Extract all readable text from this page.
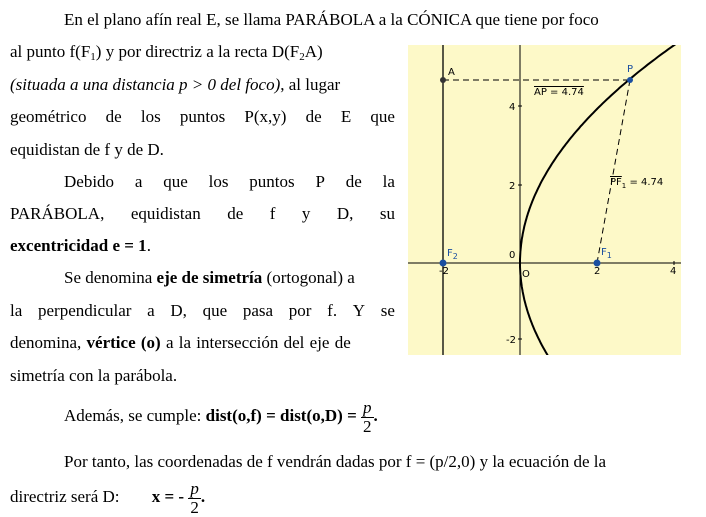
En el plano afín real E, se llama PARÁBOLA a la CÓNICA que tiene por foco
al punto $f(F_1)$ y por directriz a la recta $D(F_2A)$
(situada a una distancia p > 0 del foco), al lugar
geométrico de los puntos P(x,y) de E que
equidistan de f y de D.
Debido a que los puntos P de la
PARÁBOLA, equidistan de f y D, su
excentricidad e = 1.
Se denomina eje de simetría (ortogonal) a
la perpendicular a D, que pasa por f. Y se
denomina, vértice (o) a la intersección del eje de
simetría con la parábola.
Además, se cumple: dist(o,f) = dist(o,D) = $\frac{p}{2}$ .
Por tanto, las coordenadas de f vendrán dadas por f = (p/2,0) y la ecuación de la
directriz será D: x = - $\frac{p}{2}$ .
-2
0
2	4
4
2
-2
A	P
$F_2$	$F_1$
O
AP = 4.74
$PF_1 = 4.74$
